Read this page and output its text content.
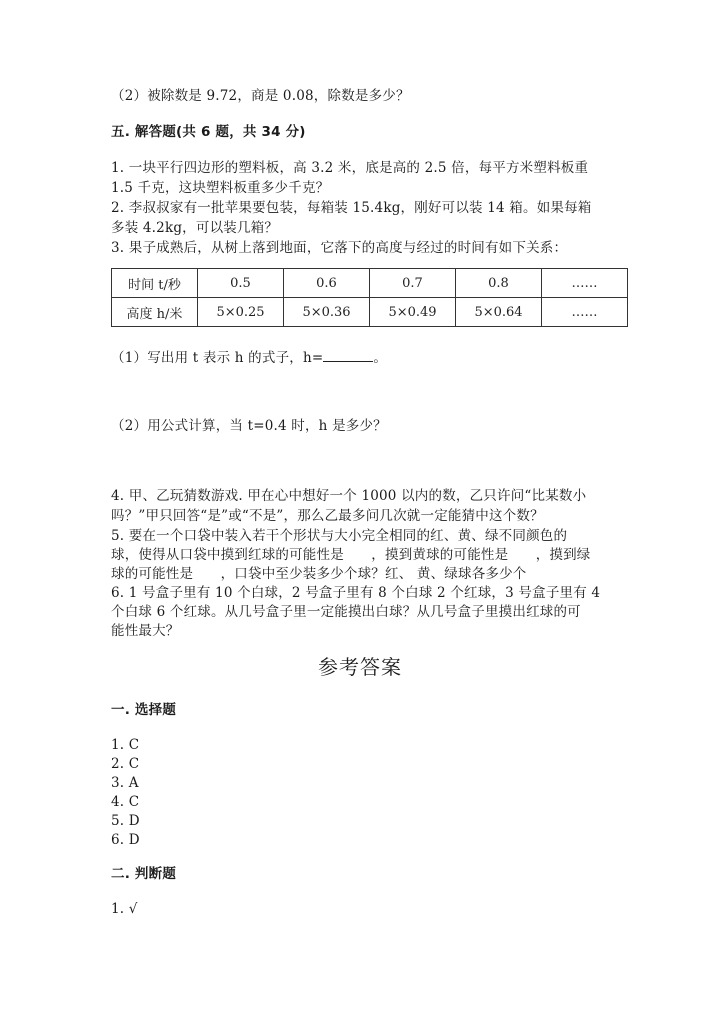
（2）被除数是 9.72，商是 0.08，除数是多少？
五. 解答题(共 6 题，共 34 分)
1. 一块平行四边形的塑料板，高 3.2 米，底是高的 2.5 倍，每平方米塑料板重
1.5 千克，这块塑料板重多少千克？
2. 李叔叔家有一批苹果要包装，每箱装 15.4kg，刚好可以装 14 箱。如果每箱
多装 4.2kg，可以装几箱？
3. 果子成熟后，从树上落到地面，它落下的高度与经过的时间有如下关系：
时间 t/秒	0.5	0.6	0.7	0.8	……
高度 h/米	5×0.25	5×0.36	5×0.49	5×0.64	……
（1）写出用 t 表示 h 的式子，h=	。
（2）用公式计算，当 t=0.4 时，h 是多少？
4. 甲、乙玩猜数游戏. 甲在心中想好一个 1000 以内的数，乙只许问“比某数小
吗？”甲只回答“是”或“不是”，那么乙最多问几次就一定能猜中这个数？
5. 要在一个口袋中装入若干个形状与大小完全相同的红、黄、绿不同颜色的
球，使得从口袋中摸到红球的可能性是　　，摸到黄球的可能性是　　，摸到绿
球的可能性是　　，口袋中至少装多少个球？红、 黄、绿球各多少个
6. 1 号盒子里有 10 个白球，2 号盒子里有 8 个白球 2 个红球，3 号盒子里有 4
个白球 6 个红球。从几号盒子里一定能摸出白球？从几号盒子里摸出红球的可
能性最大？
参考答案
一. 选择题
1. C
2. C
3. A
4. C
5. D
6. D
二. 判断题
1. √
